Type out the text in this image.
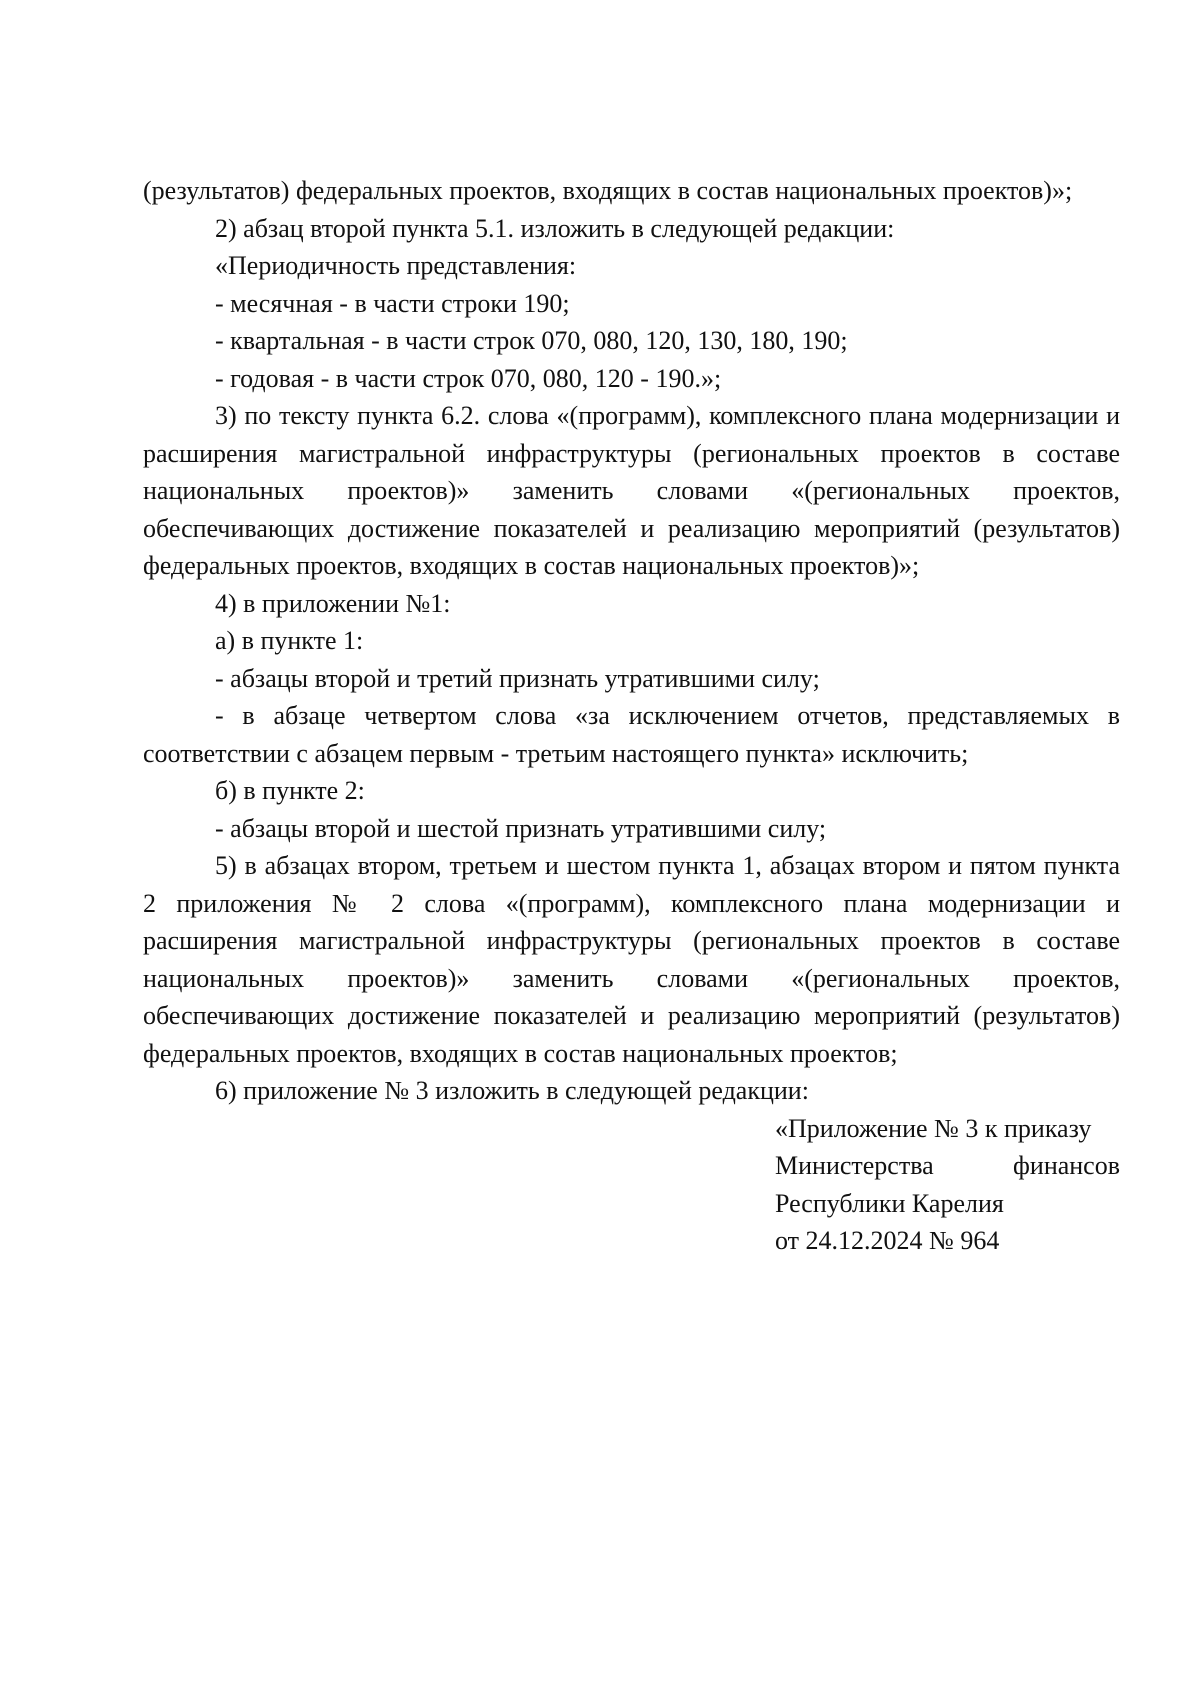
(результатов) федеральных проектов, входящих в состав национальных проектов)»;

2) абзац второй пункта 5.1. изложить в следующей редакции:

«Периодичность представления:

- месячная - в части строки 190;

- квартальная - в части строк 070, 080, 120, 130, 180, 190;

- годовая - в части строк 070, 080, 120 - 190.»;

3) по тексту пункта 6.2. слова «(программ), комплексного плана модернизации и расширения магистральной инфраструктуры (региональных проектов в составе национальных проектов)» заменить словами «(региональных проектов, обеспечивающих достижение показателей и реализацию мероприятий (результатов) федеральных проектов, входящих в состав национальных проектов)»;

4) в приложении №1:

а) в пункте 1:

- абзацы второй и третий признать утратившими силу;

- в абзаце четвертом слова «за исключением отчетов, представляемых в соответствии с абзацем первым - третьим настоящего пункта» исключить;

б) в пункте 2:

- абзацы второй и шестой признать утратившими силу;

5) в абзацах втором, третьем и шестом пункта 1, абзацах втором и пятом пункта 2 приложения № 2 слова «(программ), комплексного плана модернизации и расширения магистральной инфраструктуры (региональных проектов в составе национальных проектов)» заменить словами «(региональных проектов, обеспечивающих достижение показателей и реализацию мероприятий (результатов) федеральных проектов, входящих в состав национальных проектов;

6) приложение № 3 изложить в следующей редакции:

«Приложение № 3 к приказу
Министерства финансов
Республики Карелия
от 24.12.2024 № 964
